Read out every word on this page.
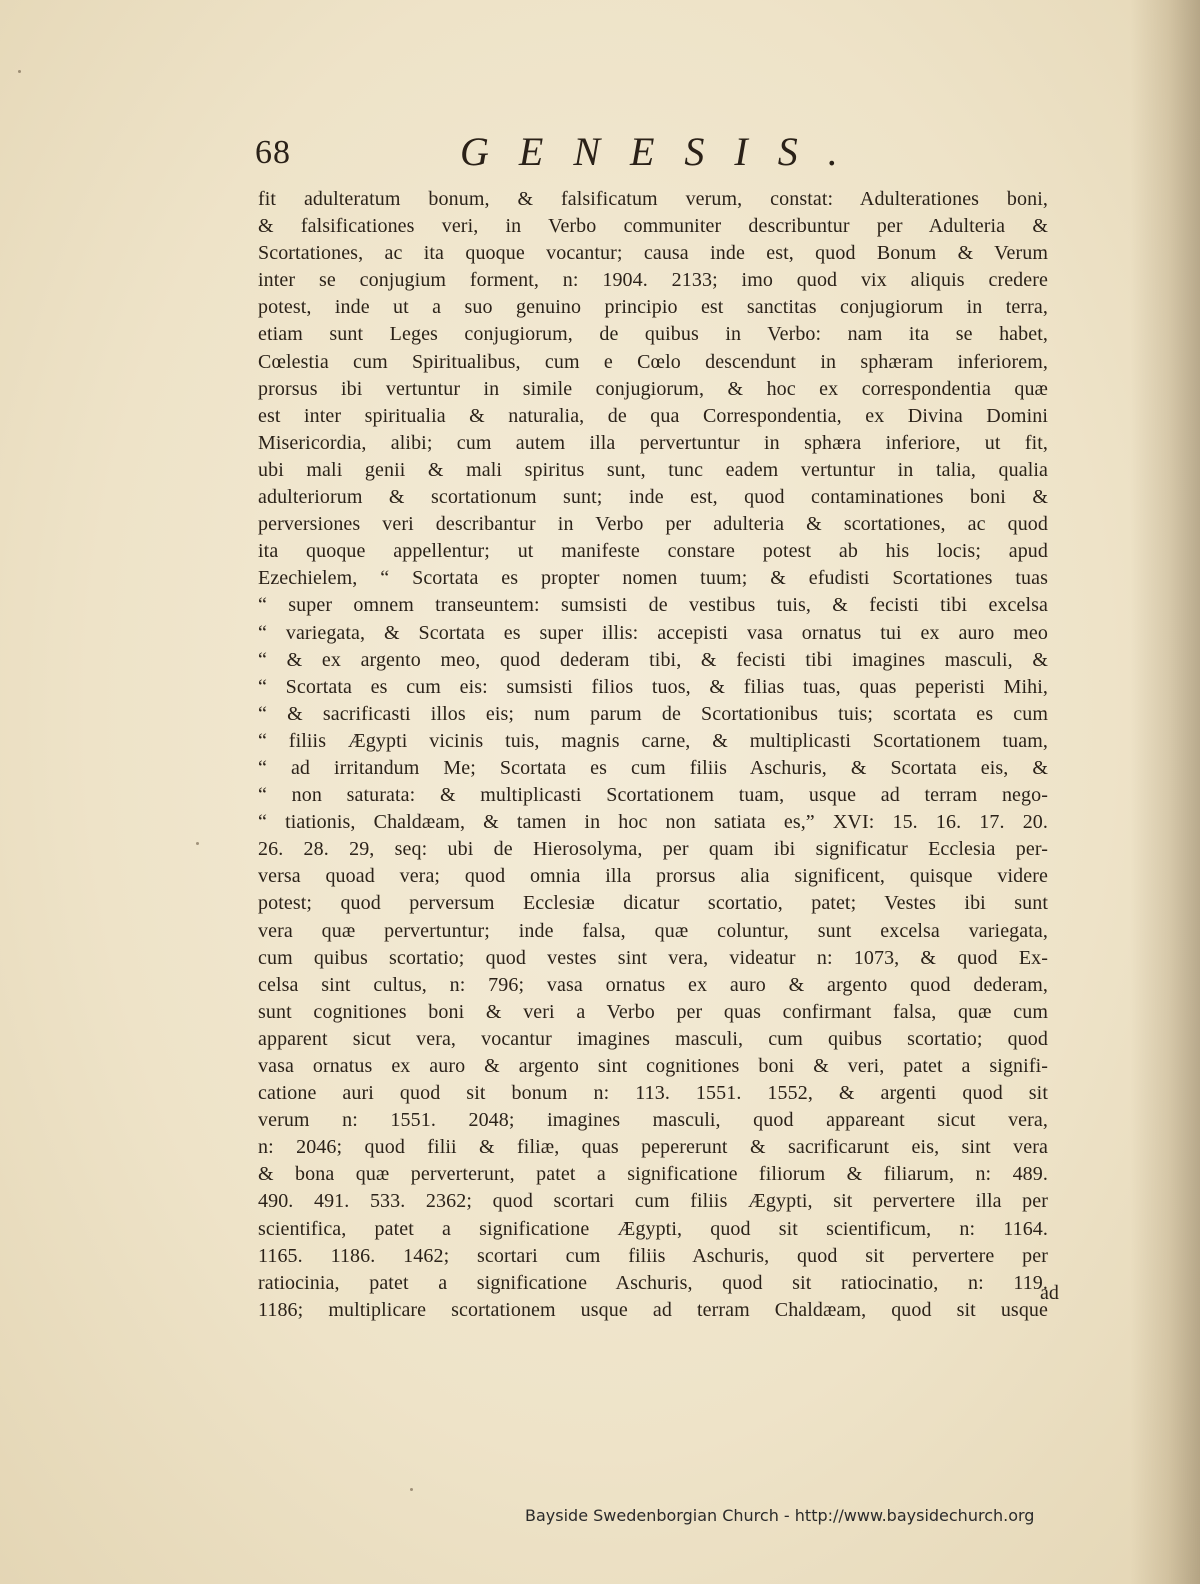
68	GENESIS.
fit adulteratum bonum, & falsificatum verum, constat: Adulterationes boni,
& falsificationes veri, in Verbo communiter describuntur per Adulteria &
Scortationes, ac ita quoque vocantur; causa inde est, quod Bonum & Verum
inter se conjugium forment, n: 1904. 2133; imo quod vix aliquis credere
potest, inde ut a suo genuino principio est sanctitas conjugiorum in terra,
etiam sunt Leges conjugiorum, de quibus in Verbo: nam ita se habet,
Cœlestia cum Spiritualibus, cum e Cœlo descendunt in sphæram inferiorem,
prorsus ibi vertuntur in simile conjugiorum, & hoc ex correspondentia quæ
est inter spiritualia & naturalia, de qua Correspondentia, ex Divina Domini
Misericordia, alibi; cum autem illa pervertuntur in sphæra inferiore, ut fit,
ubi mali genii & mali spiritus sunt, tunc eadem vertuntur in talia, qualia
adulteriorum & scortationum sunt; inde est, quod contaminationes boni &
perversiones veri describantur in Verbo per adulteria & scortationes, ac quod
ita quoque appellentur; ut manifeste constare potest ab his locis; apud
Ezechielem, “ Scortata es propter nomen tuum; & efudisti Scortationes tuas
“ super omnem transeuntem: sumsisti de vestibus tuis, & fecisti tibi excelsa
“ variegata, & Scortata es super illis: accepisti vasa ornatus tui ex auro meo
“ & ex argento meo, quod dederam tibi, & fecisti tibi imagines masculi, &
“ Scortata es cum eis: sumsisti filios tuos, & filias tuas, quas peperisti Mihi,
“ & sacrificasti illos eis; num parum de Scortationibus tuis; scortata es cum
“ filiis Ægypti vicinis tuis, magnis carne, & multiplicasti Scortationem tuam,
“ ad irritandum Me; Scortata es cum filiis Aschuris, & Scortata eis, &
“ non saturata: & multiplicasti Scortationem tuam, usque ad terram nego-
“ tiationis, Chaldæam, & tamen in hoc non satiata es,” XVI: 15. 16. 17. 20.
26. 28. 29, seq: ubi de Hierosolyma, per quam ibi significatur Ecclesia per-
versa quoad vera; quod omnia illa prorsus alia significent, quisque videre
potest; quod perversum Ecclesiæ dicatur scortatio, patet; Vestes ibi sunt
vera quæ pervertuntur; inde falsa, quæ coluntur, sunt excelsa variegata,
cum quibus scortatio; quod vestes sint vera, videatur n: 1073, & quod Ex-
celsa sint cultus, n: 796; vasa ornatus ex auro & argento quod dederam,
sunt cognitiones boni & veri a Verbo per quas confirmant falsa, quæ cum
apparent sicut vera, vocantur imagines masculi, cum quibus scortatio; quod
vasa ornatus ex auro & argento sint cognitiones boni & veri, patet a signifi-
catione auri quod sit bonum n: 113. 1551. 1552, & argenti quod sit
verum n: 1551. 2048; imagines masculi, quod appareant sicut vera,
n: 2046; quod filii & filiæ, quas pepererunt & sacrificarunt eis, sint vera
& bona quæ perverterunt, patet a significatione filiorum & filiarum, n: 489.
490. 491. 533. 2362; quod scortari cum filiis Ægypti, sit pervertere illa per
scientifica, patet a significatione Ægypti, quod sit scientificum, n: 1164.
1165. 1186. 1462; scortari cum filiis Aschuris, quod sit pervertere per
ratiocinia, patet a significatione Aschuris, quod sit ratiocinatio, n: 119.
1186; multiplicare scortationem usque ad terram Chaldæam, quod sit usque
ad
Bayside Swedenborgian Church - http://www.baysidechurch.org
